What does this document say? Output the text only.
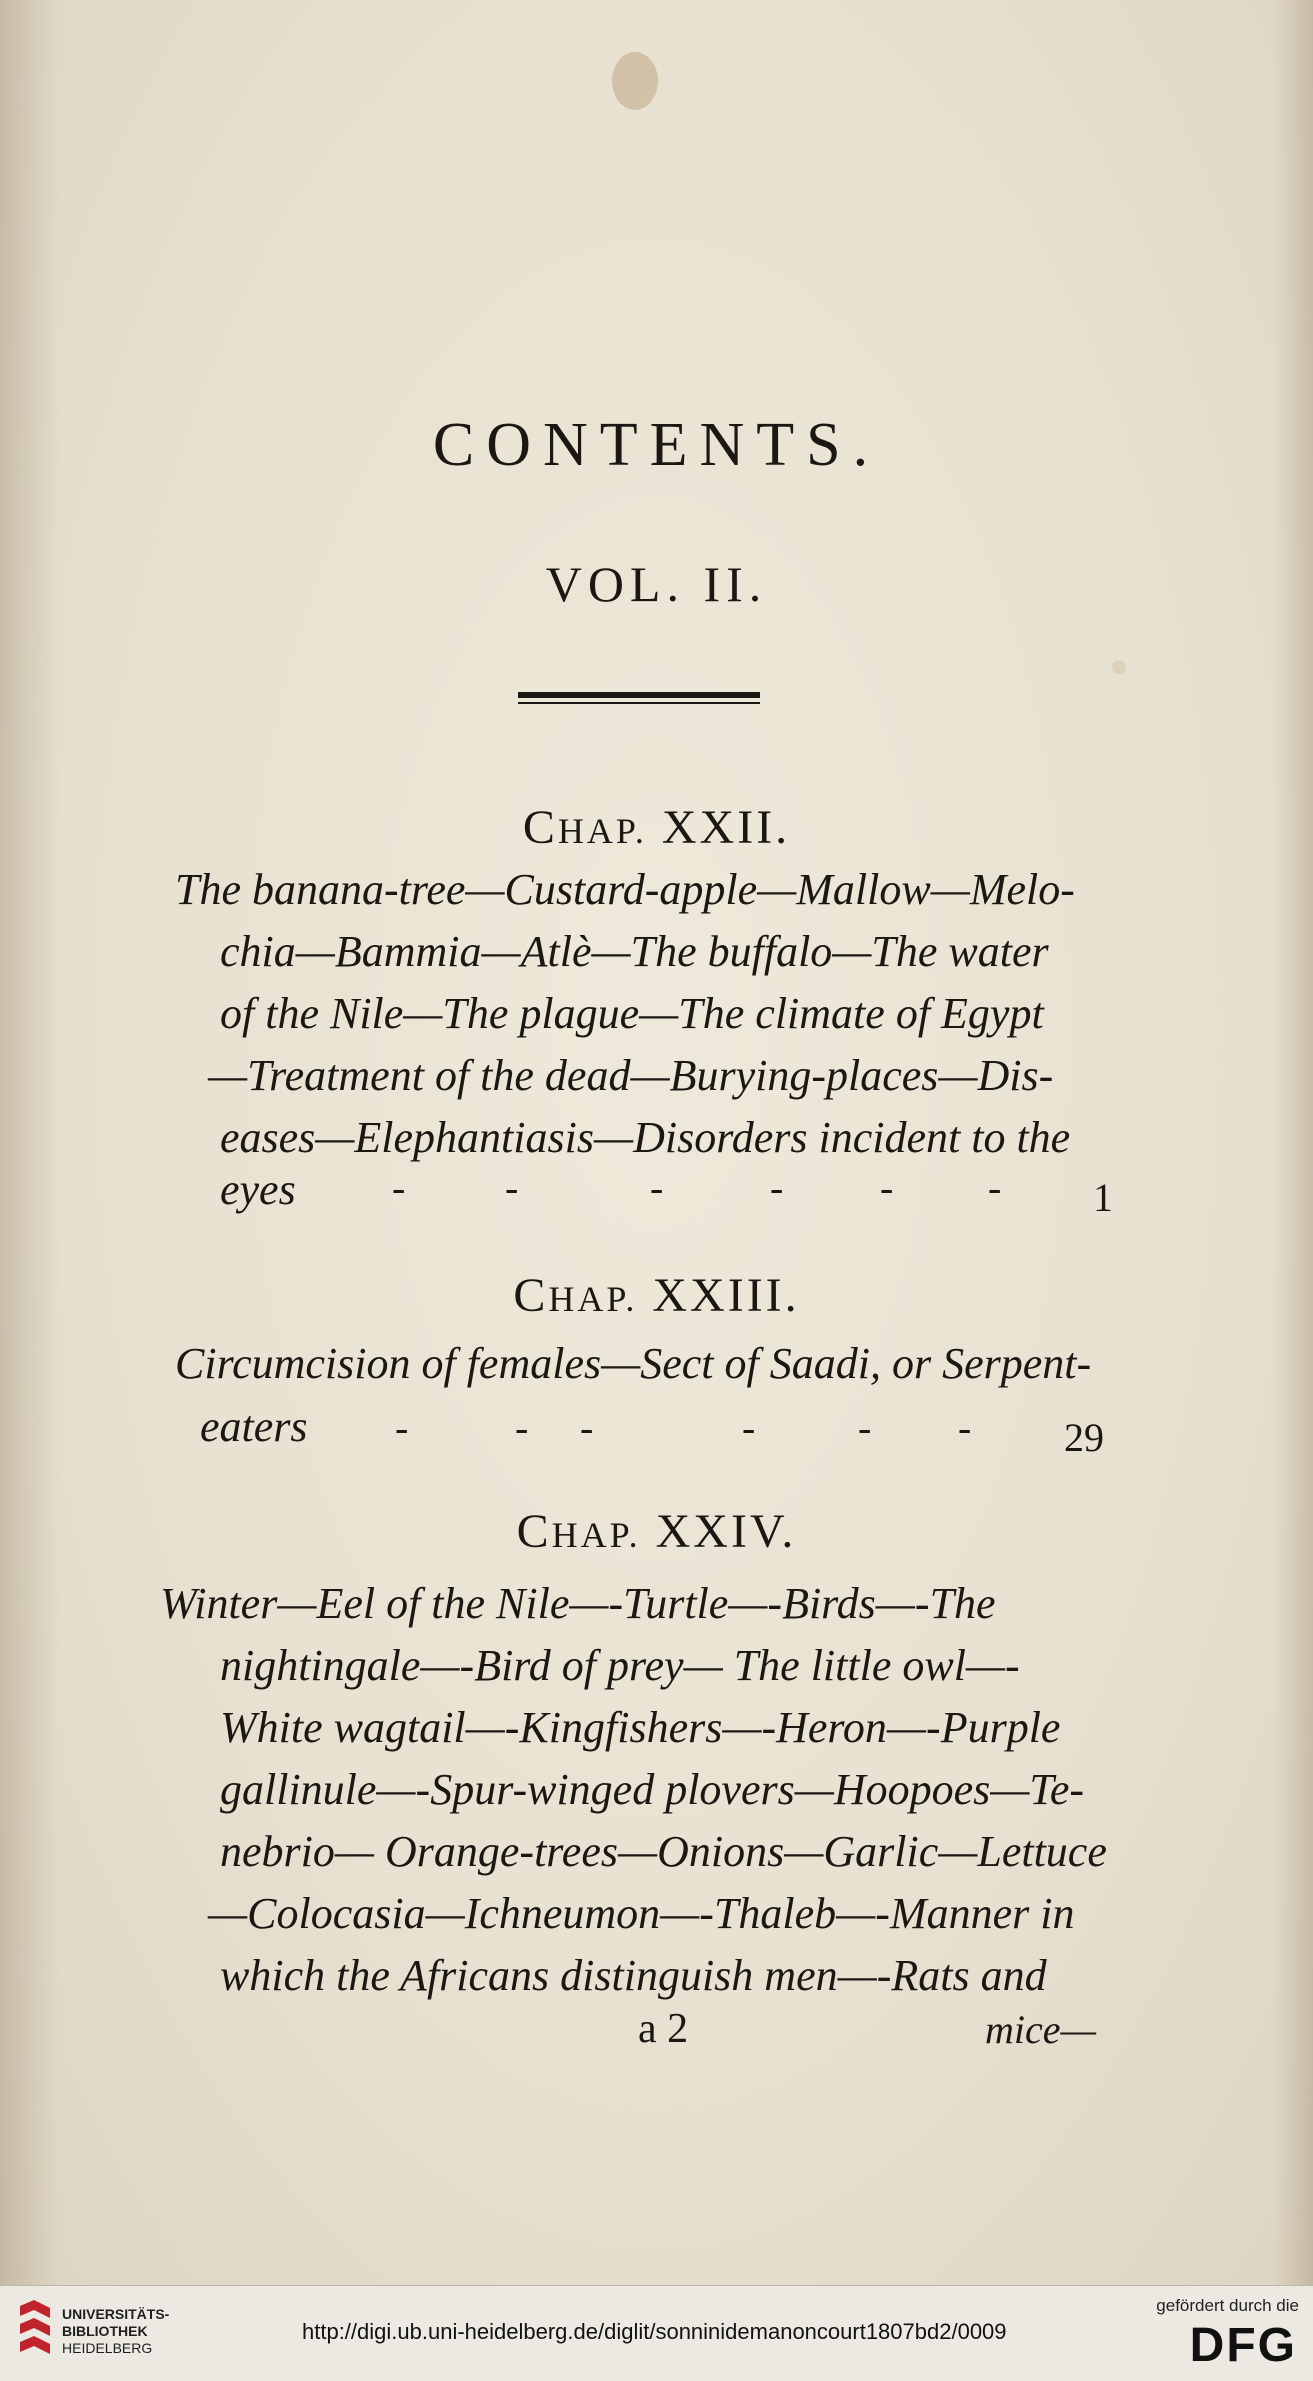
CONTENTS.
VOL. II.
CHAP. XXII.
The banana-tree—Custard-apple—Mallow—Melo-
chia—Bammia—Atlè—The buffalo—The water
of the Nile—The plague—The climate of Egypt
—Treatment of the dead—Burying-places—Dis-
eases—Elephantiasis—Disorders incident to the
eyes - -	-	- - - 1
CHAP. XXIII.
Circumcision of females—Sect of Saadi, or Serpent-
eaters -	- -	-	- - 29
CHAP. XXIV.
Winter—Eel of the Nile—-Turtle—-Birds—-The
nightingale—-Bird of prey— The little owl—-
White wagtail—-Kingfishers—-Heron—-Purple
gallinule—-Spur-winged plovers—Hoopoes—Te-
nebrio— Orange-trees—Onions—Garlic—Lettuce
—Colocasia—Ichneumon—-Thaleb—-Manner in
which the Africans distinguish men—-Rats and
a 2	mice—
UNIVERSITÄTS-
BIBLIOTHEK
HEIDELBERG
http://digi.ub.uni-heidelberg.de/diglit/sonninidemanoncourt1807bd2/0009
gefördert durch die
DFG
